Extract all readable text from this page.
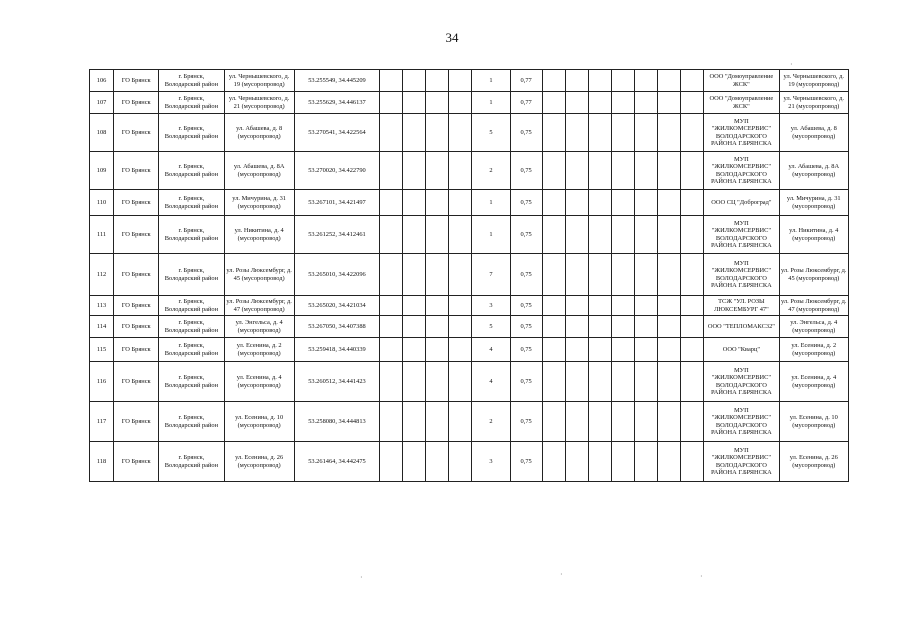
34
106	ГО Брянск	г. Брянск, Володарский район	ул. Чернышевского, д. 19 (мусоропровод)	53.255549, 34.445209					1	0,77								ООО "Домоуправление ЖСК"	ул. Чернышевского, д. 19 (мусоропровод)
107	ГО Брянск	г. Брянск, Володарский район	ул. Чернышевского, д. 21 (мусоропровод)	53.255629, 34.446137					1	0,77								ООО "Домоуправление ЖСК"	ул. Чернышевского, д. 21 (мусоропровод)
108	ГО Брянск	г. Брянск, Володарский район	ул. Абашева, д. 8 (мусоропровод)	53.270541, 34.422564					5	0,75								МУП "ЖИЛКОМСЕРВИС" ВОЛОДАРСКОГО РАЙОНА Г.БРЯНСКА	ул. Абашева, д. 8 (мусоропровод)
109	ГО Брянск	г. Брянск, Володарский район	ул. Абашева, д. 8А (мусоропровод)	53.270020, 34.422790					2	0,75								МУП "ЖИЛКОМСЕРВИС" ВОЛОДАРСКОГО РАЙОНА Г.БРЯНСКА	ул. Абашева, д. 8А (мусоропровод)
110	ГО Брянск	г. Брянск, Володарский район	ул. Мичурина, д. 31 (мусоропровод)	53.267101, 34.421497					1	0,75								ООО СЦ "Доброград"	ул. Мичурина, д. 31 (мусоропровод)
111	ГО Брянск	г. Брянск, Володарский район	ул. Никитина, д. 4 (мусоропровод)	53.261252, 34.412461					1	0,75								МУП "ЖИЛКОМСЕРВИС" ВОЛОДАРСКОГО РАЙОНА Г.БРЯНСКА	ул. Никитина, д. 4 (мусоропровод)
112	ГО Брянск	г. Брянск, Володарский район	ул. Розы Люксембург, д. 45 (мусоропровод)	53.265010, 34.422096					7	0,75								МУП "ЖИЛКОМСЕРВИС" ВОЛОДАРСКОГО РАЙОНА Г.БРЯНСКА	ул. Розы Люксембург, д. 45 (мусоропровод)
113	ГО Брянск	г. Брянск, Володарский район	ул. Розы Люксембург, д. 47 (мусоропровод)	53.265020, 34.421034					3	0,75								ТСЖ "УЛ. РОЗЫ ЛЮКСЕМБУРГ 47"	ул. Розы Люксембург, д. 47 (мусоропровод)
114	ГО Брянск	г. Брянск, Володарский район	ул. Энгельса, д. 4 (мусоропровод)	53.267050, 34.407388					5	0,75								ООО "ТЕПЛОМАКС32"	ул. Энгельса, д. 4 (мусоропровод)
115	ГО Брянск	г. Брянск, Володарский район	ул. Есенина, д. 2 (мусоропровод)	53.259418, 34.440339					4	0,75								ООО "Кварц"	ул. Есенина, д. 2 (мусоропровод)
116	ГО Брянск	г. Брянск, Володарский район	ул. Есенина, д. 4 (мусоропровод)	53.260512, 34.441423					4	0,75								МУП "ЖИЛКОМСЕРВИС" ВОЛОДАРСКОГО РАЙОНА Г.БРЯНСКА	ул. Есенина, д. 4 (мусоропровод)
117	ГО Брянск	г. Брянск, Володарский район	ул. Есенина, д. 10 (мусоропровод)	53.258080, 34.444813					2	0,75								МУП "ЖИЛКОМСЕРВИС" ВОЛОДАРСКОГО РАЙОНА Г.БРЯНСКА	ул. Есенина, д. 10 (мусоропровод)
118	ГО Брянск	г. Брянск, Володарский район	ул. Есенина, д. 26 (мусоропровод)	53.261464, 34.442475					3	0,75								МУП "ЖИЛКОМСЕРВИС" ВОЛОДАРСКОГО РАЙОНА Г.БРЯНСКА	ул. Есенина, д. 26 (мусоропровод)
·
·	·	·
